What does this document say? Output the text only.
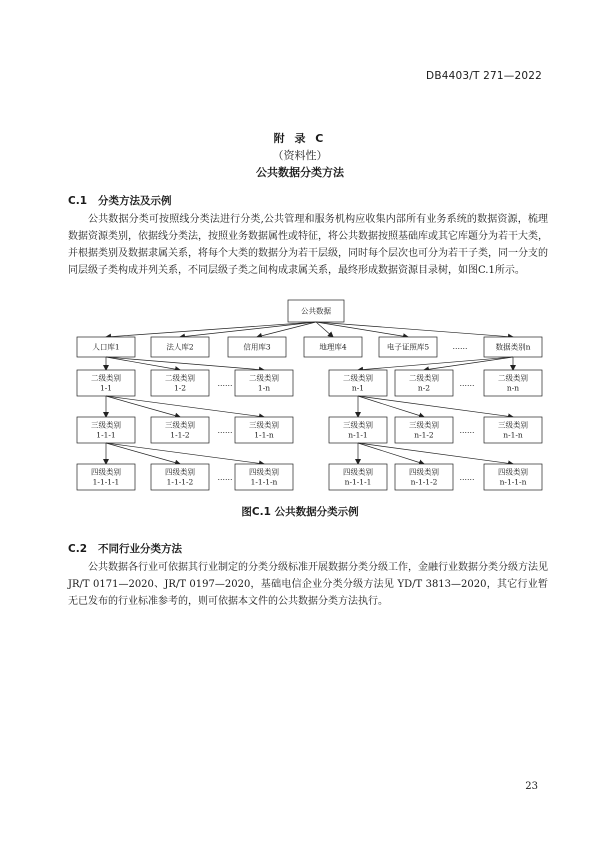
DB4403/T 271—2022
附 录 C
（资料性）
公共数据分类方法
C.1 分类方法及示例

公共数据分类可按照线分类法进行分类,公共管理和服务机构应收集内部所有业务系统的数据资源，梳理数据资源类别，依据线分类法，按照业务数据属性或特征，将公共数据按照基础库或其它库题分为若干大类，并根据类别及数据隶属关系，将每个大类的数据分为若干层级，同时每个层次也可分为若干子类，同一分支的同层级子类构成并列关系，不同层级子类之间构成隶属关系，最终形成数据资源目录树，如图C.1所示。

公共数据
人口库1	法人库2	信用库3	地理库4	电子证照库5	数据类别n
……
二级类别
1-1
二级类别
1-2
二级类别
1-n
……
三级类别
1-1-1
三级类别
1-1-2
三级类别
1-1-n
……
四级类别
1-1-1-1
四级类别
1-1-1-2
四级类别
1-1-1-n
……
二级类别
n-1
二级类别
n-2
二级类别
n-n
……
三级类别
n-1-1
三级类别
n-1-2
三级类别
n-1-n
……
四级类别
n-1-1-1
四级类别
n-1-1-2
四级类别
n-1-1-n
……
图C.1 公共数据分类示例
C.2 不同行业分类方法

公共数据各行业可依据其行业制定的分类分级标准开展数据分类分级工作，金融行业数据分类分级方法见 JR/T 0171—2020、JR/T 0197—2020，基础电信企业分类分级方法见 YD/T 3813—2020，其它行业暂无已发布的行业标准参考的，则可依据本文件的公共数据分类方法执行。

23
